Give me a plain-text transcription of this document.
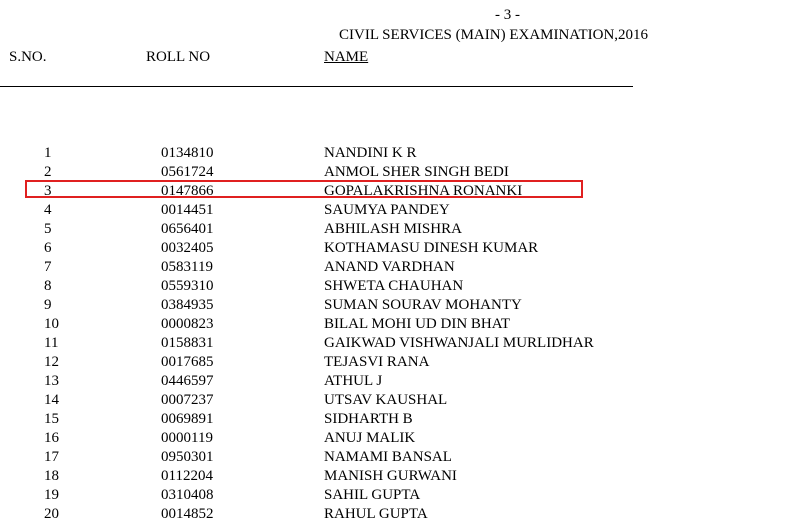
- 3 -
CIVIL SERVICES (MAIN) EXAMINATION,2016
S.NO.	ROLL NO	NAME
1	0134810	NANDINI K R
2	0561724	ANMOL SHER SINGH BEDI
3	0147866	GOPALAKRISHNA RONANKI
4	0014451	SAUMYA PANDEY
5	0656401	ABHILASH MISHRA
6	0032405	KOTHAMASU DINESH KUMAR
7	0583119	ANAND VARDHAN
8	0559310	SHWETA CHAUHAN
9	0384935	SUMAN SOURAV MOHANTY
10	0000823	BILAL MOHI UD DIN BHAT
11	0158831	GAIKWAD VISHWANJALI MURLIDHAR
12	0017685	TEJASVI RANA
13	0446597	ATHUL J
14	0007237	UTSAV KAUSHAL
15	0069891	SIDHARTH B
16	0000119	ANUJ MALIK
17	0950301	NAMAMI BANSAL
18	0112204	MANISH GURWANI
19	0310408	SAHIL GUPTA
20	0014852	RAHUL GUPTA
